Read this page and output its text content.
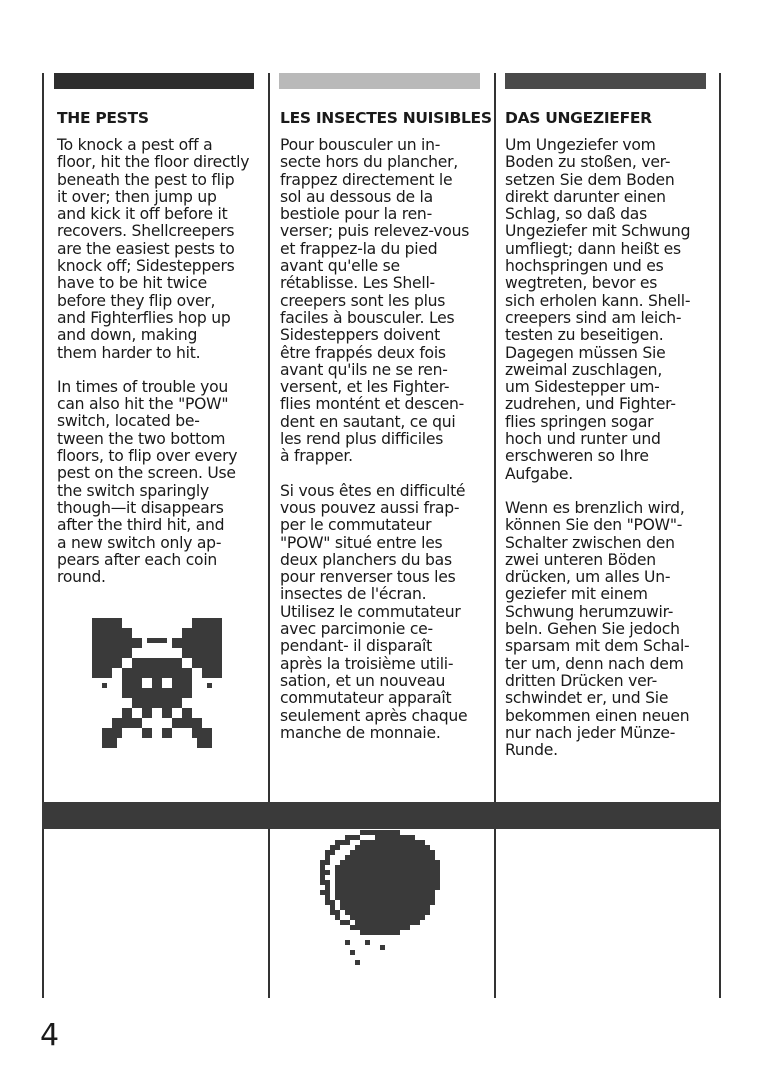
THE PESTS

To knock a pest off a
floor, hit the floor directly
beneath the pest to flip
it over; then jump up
and kick it off before it
recovers. Shellcreepers
are the easiest pests to
knock off; Sidesteppers
have to be hit twice
before they flip over,
and Fighterflies hop up
and down, making
them harder to hit.

In times of trouble you
can also hit the "POW"
switch, located be-
tween the two bottom
floors, to flip over every
pest on the screen. Use
the switch sparingly
though—it disappears
after the third hit, and
a new switch only ap-
pears after each coin
round.

LES INSECTES NUISIBLES

Pour bousculer un in-
secte hors du plancher,
frappez directement le
sol au dessous de la
bestiole pour la ren-
verser; puis relevez-vous
et frappez-la du pied
avant qu'elle se
rétablisse. Les Shell-
creepers sont les plus
faciles à bousculer. Les
Sidesteppers doivent
être frappés deux fois
avant qu'ils ne se ren-
versent, et les Fighter-
flies montént et descen-
dent en sautant, ce qui
les rend plus difficiles
à frapper.

Si vous êtes en difficulté
vous pouvez aussi frap-
per le commutateur
"POW" situé entre les
deux planchers du bas
pour renverser tous les
insectes de l'écran.
Utilisez le commutateur
avec parcimonie ce-
pendant- il disparaît
après la troisième utili-
sation, et un nouveau
commutateur apparaît
seulement après chaque
manche de monnaie.

DAS UNGEZIEFER

Um Ungeziefer vom
Boden zu stoßen, ver-
setzen Sie dem Boden
direkt darunter einen
Schlag, so daß das
Ungeziefer mit Schwung
umfliegt; dann heißt es
hochspringen und es
wegtreten, bevor es
sich erholen kann. Shell-
creepers sind am leich-
testen zu beseitigen.
Dagegen müssen Sie
zweimal zuschlagen,
um Sidestepper um-
zudrehen, und Fighter-
flies springen sogar
hoch und runter und
erschweren so Ihre
Aufgabe.

Wenn es brenzlich wird,
können Sie den "POW"-
Schalter zwischen den
zwei unteren Böden
drücken, um alles Un-
geziefer mit einem
Schwung herumzuwir-
beln. Gehen Sie jedoch
sparsam mit dem Schal-
ter um, denn nach dem
dritten Drücken ver-
schwindet er, und Sie
bekommen einen neuen
nur nach jeder Münze-
Runde.

4
